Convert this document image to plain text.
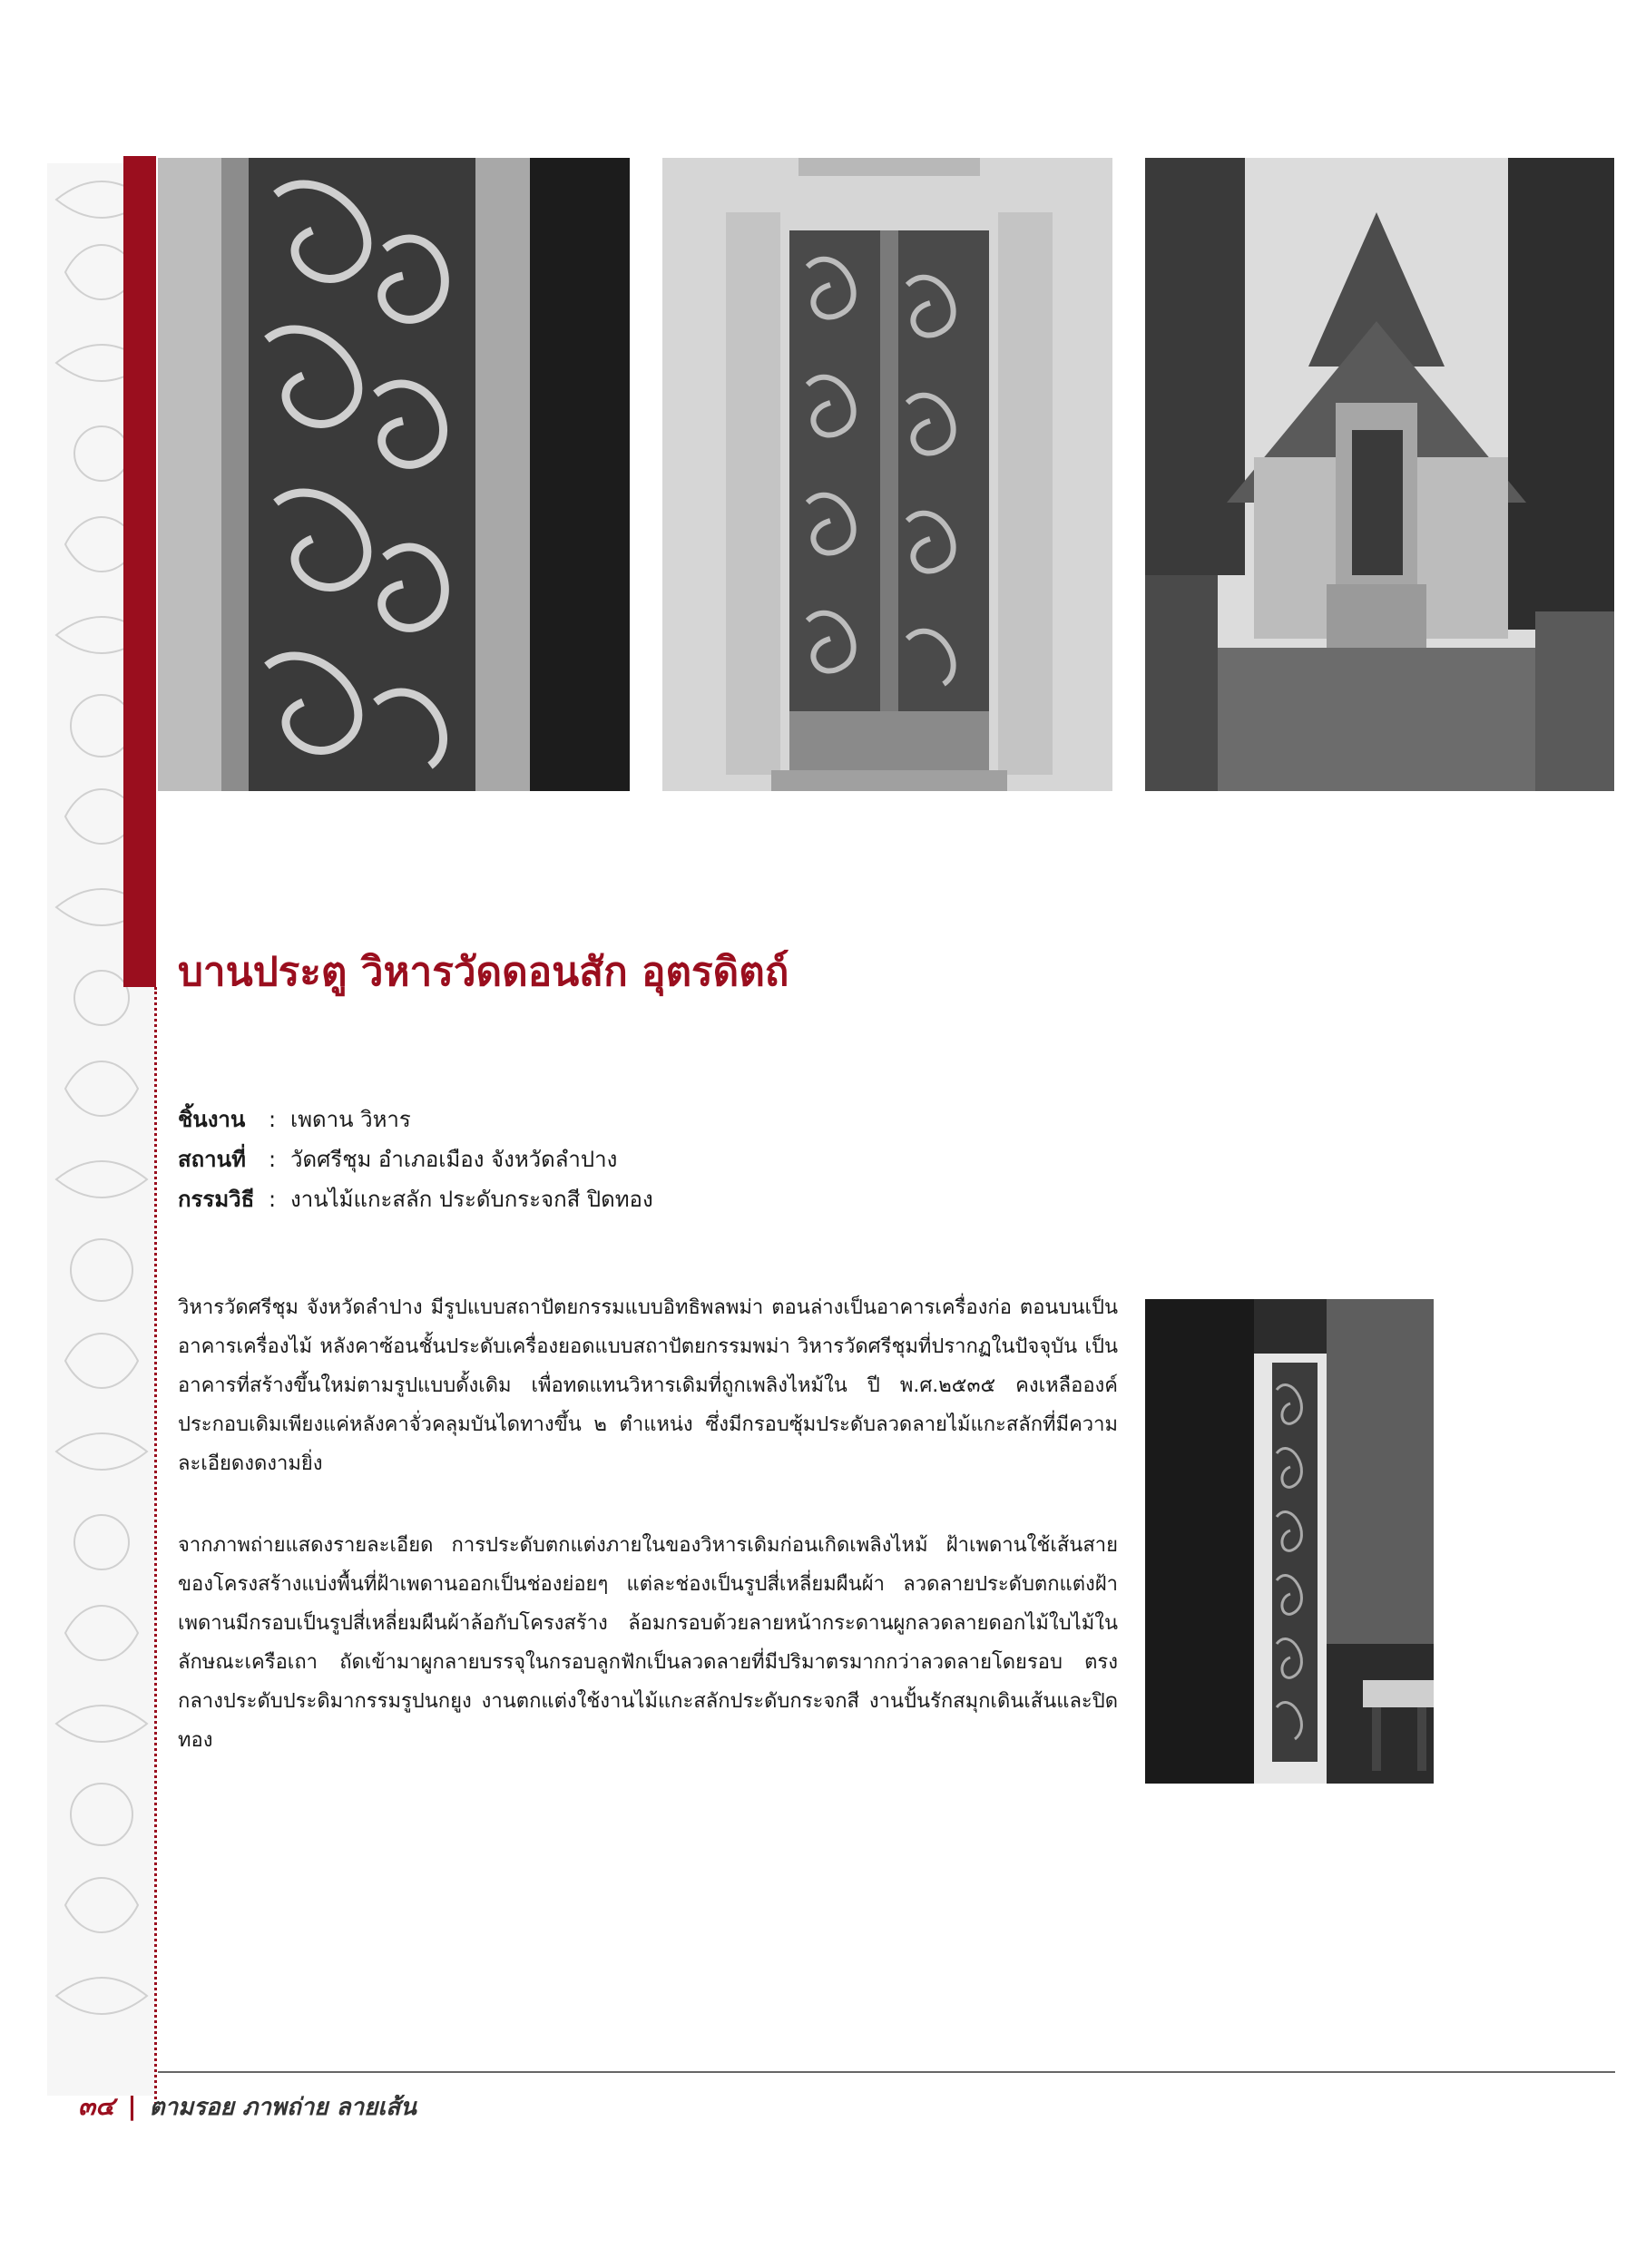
บานประตู วิหารวัดดอนสัก อุตรดิตถ์
ชิ้นงาน	: เพดาน วิหาร
สถานที่	: วัดศรีชุม อำเภอเมือง จังหวัดลำปาง
กรรมวิธี : งานไม้แกะสลัก ประดับกระจกสี ปิดทอง

วิหารวัดศรีชุม จังหวัดลำปาง มีรูปแบบสถาปัตยกรรมแบบอิทธิพลพม่า ตอนล่างเป็นอาคารเครื่องก่อ ตอนบนเป็นอาคารเครื่องไม้ หลังคาซ้อนชั้นประดับเครื่องยอดแบบสถาปัตยกรรมพม่า วิหารวัดศรีชุมที่ปรากฏในปัจจุบัน เป็นอาคารที่สร้างขึ้นใหม่ตามรูปแบบดั้งเดิม เพื่อทดแทนวิหารเดิมที่ถูกเพลิงไหม้ใน ปี พ.ศ.๒๕๓๕ คงเหลือองค์ประกอบเดิมเพียงแค่หลังคาจั่วคลุมบันไดทางขึ้น ๒ ตำแหน่ง ซึ่งมีกรอบซุ้มประดับลวดลายไม้แกะสลักที่มีความละเอียดงดงามยิ่ง

จากภาพถ่ายแสดงรายละเอียด การประดับตกแต่งภายในของวิหารเดิมก่อนเกิดเพลิงไหม้ ฝ้าเพดานใช้เส้นสายของโครงสร้างแบ่งพื้นที่ฝ้าเพดานออกเป็นช่องย่อยๆ แต่ละช่องเป็นรูปสี่เหลี่ยมผืนผ้า ลวดลายประดับตกแต่งฝ้าเพดานมีกรอบเป็นรูปสี่เหลี่ยมผืนผ้าล้อกับโครงสร้าง ล้อมกรอบด้วยลายหน้ากระดานผูกลวดลายดอกไม้ใบไม้ในลักษณะเครือเถา ถัดเข้ามาผูกลายบรรจุในกรอบลูกฟักเป็นลวดลายที่มีปริมาตรมากกว่าลวดลายโดยรอบ ตรงกลางประดับประดิมากรรมรูปนกยูง งานตกแต่งใช้งานไม้แกะสลักประดับกระจกสี งานปั้นรักสมุกเดินเส้นและปิดทอง

๓๔ | ตามรอย ภาพถ่าย ลายเส้น
